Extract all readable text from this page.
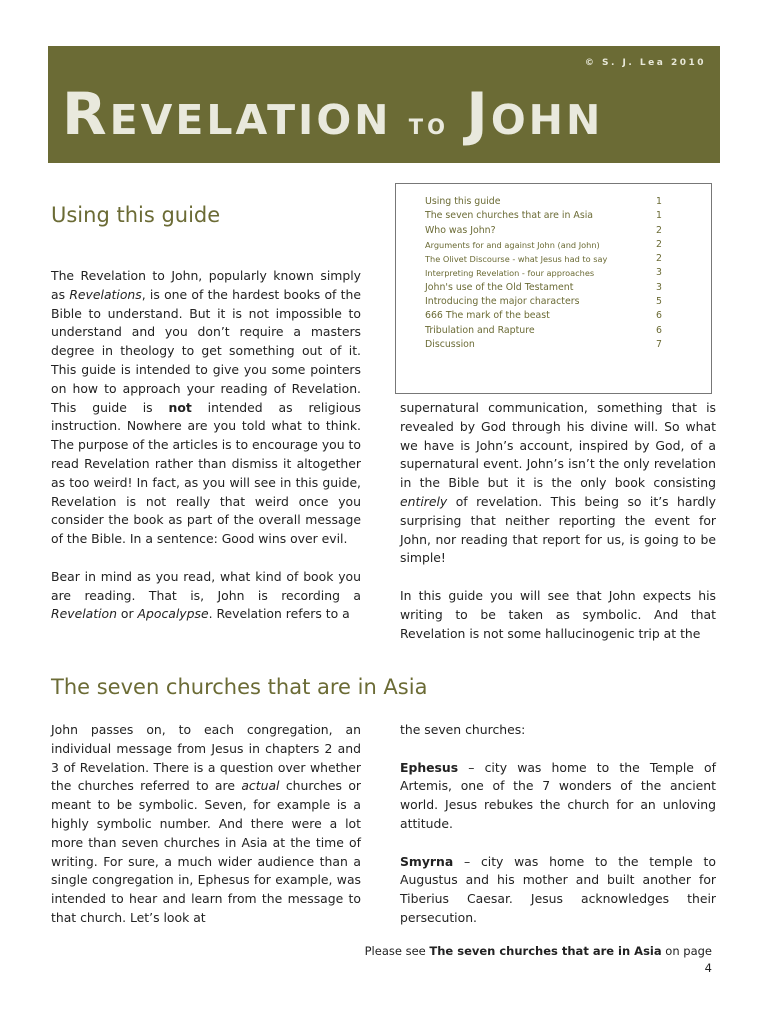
© S. J. Lea 2010
REVELATION TO JOHN
Using this guide
Using this guide	1
The seven churches that are in Asia	1
Who was John?	2
Arguments for and against John (and John)	2
The Olivet Discourse - what Jesus had to say	2
Interpreting Revelation - four approaches	3
John's use of the Old Testament	3
Introducing the major characters	5
666 The mark of the beast	6
Tribulation and Rapture	6
Discussion	7

The Revelation to John, popularly known simply as Revelations, is one of the hardest books of the Bible to understand. But it is not impossible to understand and you don’t require a masters degree in theology to get something out of it. This guide is intended to give you some pointers on how to approach your reading of Revelation. This guide is not intended as religious instruction. Nowhere are you told what to think. The purpose of the articles is to encourage you to read Revelation rather than dismiss it altogether as too weird! In fact, as you will see in this guide, Revelation is not really that weird once you consider the book as part of the overall message of the Bible. In a sentence: Good wins over evil.

Bear in mind as you read, what kind of book you are reading. That is, John is recording a Revelation or Apocalypse. Revelation refers to a

supernatural communication, something that is revealed by God through his divine will. So what we have is John’s account, inspired by God, of a supernatural event. John’s isn’t the only revelation in the Bible but it is the only book consisting entirely of revelation. This being so it’s hardly surprising that neither reporting the event for John, nor reading that report for us, is going to be simple!

In this guide you will see that John expects his writing to be taken as symbolic. And that Revelation is not some hallucinogenic trip at the

The seven churches that are in Asia

John passes on, to each congregation, an individual message from Jesus in chapters 2 and 3 of Revelation. There is a question over whether the churches referred to are actual churches or meant to be symbolic. Seven, for example is a highly symbolic number. And there were a lot more than seven churches in Asia at the time of writing. For sure, a much wider audience than a single congregation in, Ephesus for example, was intended to hear and learn from the message to that church. Let’s look at

the seven churches:

Ephesus – city was home to the Temple of Artemis, one of the 7 wonders of the ancient world. Jesus rebukes the church for an unloving attitude.

Smyrna – city was home to the temple to Augustus and his mother and built another for Tiberius Caesar. Jesus acknowledges their persecution.

Please see The seven churches that are in Asia on page
4
